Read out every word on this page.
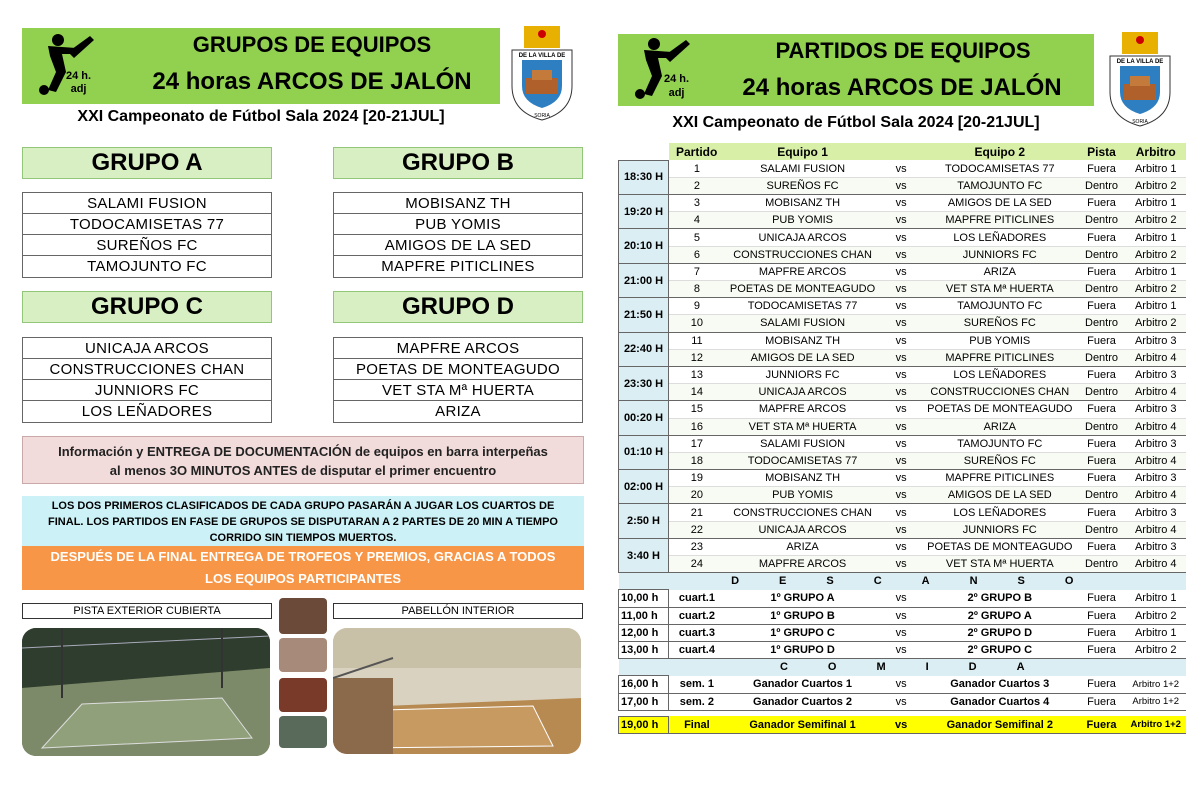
24 h.
adj
GRUPOS DE EQUIPOS
24 horas ARCOS DE JALÓN
DE LA VILLA DE
SORIA
XXI Campeonato de Fútbol Sala 2024 [20-21JUL]
GRUPO A
SALAMI FUSION
TODOCAMISETAS 77
SUREÑOS FC
TAMOJUNTO FC
GRUPO B
MOBISANZ TH
PUB YOMIS
AMIGOS DE LA SED
MAPFRE PITICLINES
GRUPO C
UNICAJA ARCOS
CONSTRUCCIONES CHAN
JUNNIORS FC
LOS LEÑADORES
GRUPO D
MAPFRE ARCOS
POETAS DE MONTEAGUDO
VET STA Mª HUERTA
ARIZA
Información y ENTREGA DE DOCUMENTACIÓN de equipos en barra interpeñas
al menos 3O MINUTOS ANTES de disputar el primer encuentro
LOS DOS PRIMEROS CLASIFICADOS DE CADA GRUPO PASARÁN A JUGAR LOS CUARTOS DE
FINAL. LOS PARTIDOS EN FASE DE GRUPOS SE DISPUTARAN A 2 PARTES DE 20 MIN A TIEMPO
CORRIDO SIN TIEMPOS MUERTOS.
DESPUÉS DE LA FINAL ENTREGA DE TROFEOS Y PREMIOS, GRACIAS A TODOS
LOS EQUIPOS PARTICIPANTES
PISTA EXTERIOR CUBIERTA	PABELLÓN INTERIOR
24 h.
adj
PARTIDOS DE EQUIPOS
24 horas ARCOS DE JALÓN
DE LA VILLA DE
SORIA
XXI Campeonato de Fútbol Sala 2024 [20-21JUL]
	Partido	Equipo 1		Equipo 2	Pista	Arbitro
18:30 H	1	SALAMI FUSION	vs	TODOCAMISETAS 77	Fuera	Arbitro 1
	2	SUREÑOS FC	vs	TAMOJUNTO FC	Dentro	Arbitro 2
19:20 H	3	MOBISANZ TH	vs	AMIGOS DE LA SED	Fuera	Arbitro 1
	4	PUB YOMIS	vs	MAPFRE PITICLINES	Dentro	Arbitro 2
20:10 H	5	UNICAJA ARCOS	vs	LOS LEÑADORES	Fuera	Arbitro 1
	6	CONSTRUCCIONES CHAN	vs	JUNNIORS FC	Dentro	Arbitro 2
21:00 H	7	MAPFRE ARCOS	vs	ARIZA	Fuera	Arbitro 1
	8	POETAS DE MONTEAGUDO	vs	VET STA Mª HUERTA	Dentro	Arbitro 2
21:50 H	9	TODOCAMISETAS 77	vs	TAMOJUNTO FC	Fuera	Arbitro 1
	10	SALAMI FUSION	vs	SUREÑOS FC	Dentro	Arbitro 2
22:40 H	11	MOBISANZ TH	vs	PUB YOMIS	Fuera	Arbitro 3
	12	AMIGOS DE LA SED	vs	MAPFRE PITICLINES	Dentro	Arbitro 4
23:30 H	13	JUNNIORS FC	vs	LOS LEÑADORES	Fuera	Arbitro 3
	14	UNICAJA ARCOS	vs	CONSTRUCCIONES CHAN	Dentro	Arbitro 4
00:20 H	15	MAPFRE ARCOS	vs	POETAS DE MONTEAGUDO	Fuera	Arbitro 3
	16	VET STA Mª HUERTA	vs	ARIZA	Dentro	Arbitro 4
01:10 H	17	SALAMI FUSION	vs	TAMOJUNTO FC	Fuera	Arbitro 3
	18	TODOCAMISETAS 77	vs	SUREÑOS FC	Fuera	Arbitro 4
02:00 H	19	MOBISANZ TH	vs	MAPFRE PITICLINES	Fuera	Arbitro 3
	20	PUB YOMIS	vs	AMIGOS DE LA SED	Dentro	Arbitro 4
2:50 H	21	CONSTRUCCIONES CHAN	vs	LOS LEÑADORES	Fuera	Arbitro 3
	22	UNICAJA ARCOS	vs	JUNNIORS FC	Dentro	Arbitro 4
3:40 H	23	ARIZA	vs	POETAS DE MONTEAGUDO	Fuera	Arbitro 3
	24	MAPFRE ARCOS	vs	VET STA Mª HUERTA	Dentro	Arbitro 4
DESCANSO						
10,00 h	cuart.1	1º GRUPO A	vs	2º GRUPO B	Fuera	Arbitro 1
11,00 h	cuart.2	1º GRUPO B	vs	2º GRUPO A	Fuera	Arbitro 2
12,00 h	cuart.3	1º GRUPO C	vs	2º GRUPO D	Fuera	Arbitro 1
13,00 h	cuart.4	1º GRUPO D	vs	2º GRUPO C	Fuera	Arbitro 2
COMIDA						
16,00 h	sem. 1	Ganador Cuartos 1	vs	Ganador Cuartos 3	Fuera	Arbitro 1+2
17,00 h	sem. 2	Ganador Cuartos 2	vs	Ganador Cuartos 4	Fuera	Arbitro 1+2

19,00 h	Final	Ganador Semifinal 1	vs	Ganador Semifinal 2	Fuera	Arbitro 1+2
